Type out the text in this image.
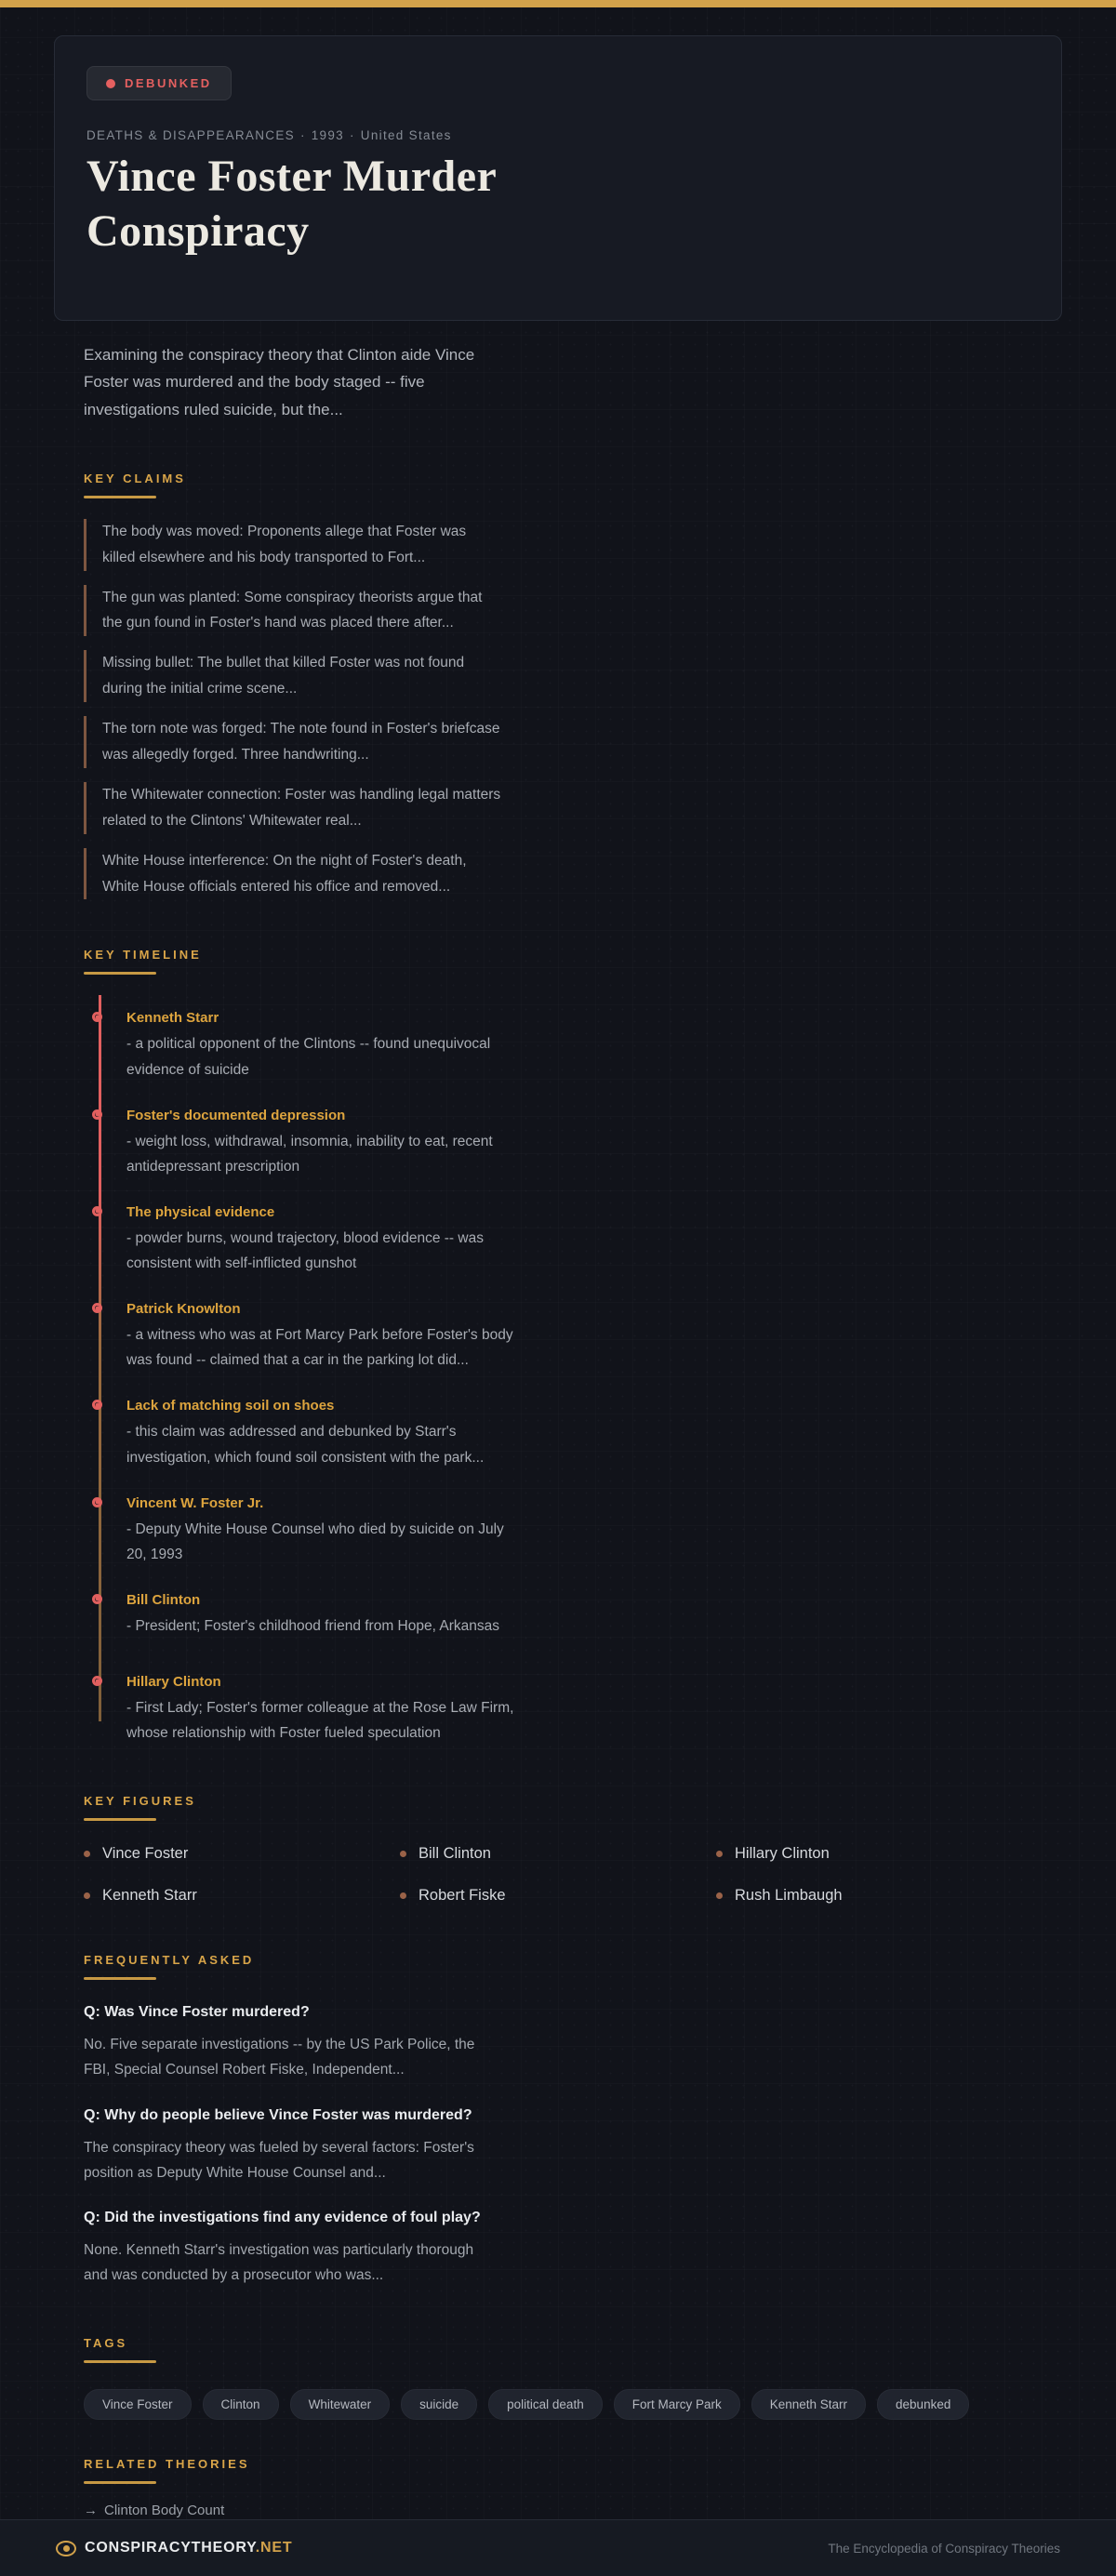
DEBUNKED
DEATHS & DISAPPEARANCES · 1993 · United States
Vince Foster Murder Conspiracy

Examining the conspiracy theory that Clinton aide Vince Foster was murdered and the body staged -- five investigations ruled suicide, but the...

KEY CLAIMS

The body was moved: Proponents allege that Foster was killed elsewhere and his body transported to Fort...

The gun was planted: Some conspiracy theorists argue that the gun found in Foster's hand was placed there after...

Missing bullet: The bullet that killed Foster was not found during the initial crime scene...

The torn note was forged: The note found in Foster's briefcase was allegedly forged. Three handwriting...

The Whitewater connection: Foster was handling legal matters related to the Clintons' Whitewater real...

White House interference: On the night of Foster's death, White House officials entered his office and removed...

KEY TIMELINE
Kenneth Starr
- a political opponent of the Clintons -- found unequivocal evidence of suicide
Foster's documented depression
- weight loss, withdrawal, insomnia, inability to eat, recent antidepressant prescription
The physical evidence
- powder burns, wound trajectory, blood evidence -- was consistent with self-inflicted gunshot
Patrick Knowlton
- a witness who was at Fort Marcy Park before Foster's body was found -- claimed that a car in the parking lot did...
Lack of matching soil on shoes
- this claim was addressed and debunked by Starr's investigation, which found soil consistent with the park...
Vincent W. Foster Jr.
- Deputy White House Counsel who died by suicide on July 20, 1993
Bill Clinton
- President; Foster's childhood friend from Hope, Arkansas
Hillary Clinton
- First Lady; Foster's former colleague at the Rose Law Firm, whose relationship with Foster fueled speculation
KEY FIGURES
Vince Foster	Bill Clinton	Hillary Clinton
Kenneth Starr	Robert Fiske	Rush Limbaugh
FREQUENTLY ASKED
Q: Was Vince Foster murdered?
No. Five separate investigations -- by the US Park Police, the FBI, Special Counsel Robert Fiske, Independent...
Q: Why do people believe Vince Foster was murdered?
The conspiracy theory was fueled by several factors: Foster's position as Deputy White House Counsel and...
Q: Did the investigations find any evidence of foul play?
None. Kenneth Starr's investigation was particularly thorough and was conducted by a prosecutor who was...
TAGS
Vince Foster	Clinton	Whitewater	suicide	political death	Fort Marcy Park	Kenneth Starr	debunked
RELATED THEORIES
→ Clinton Body Count
CONSPIRACYTHEORY.NET	The Encyclopedia of Conspiracy Theories
